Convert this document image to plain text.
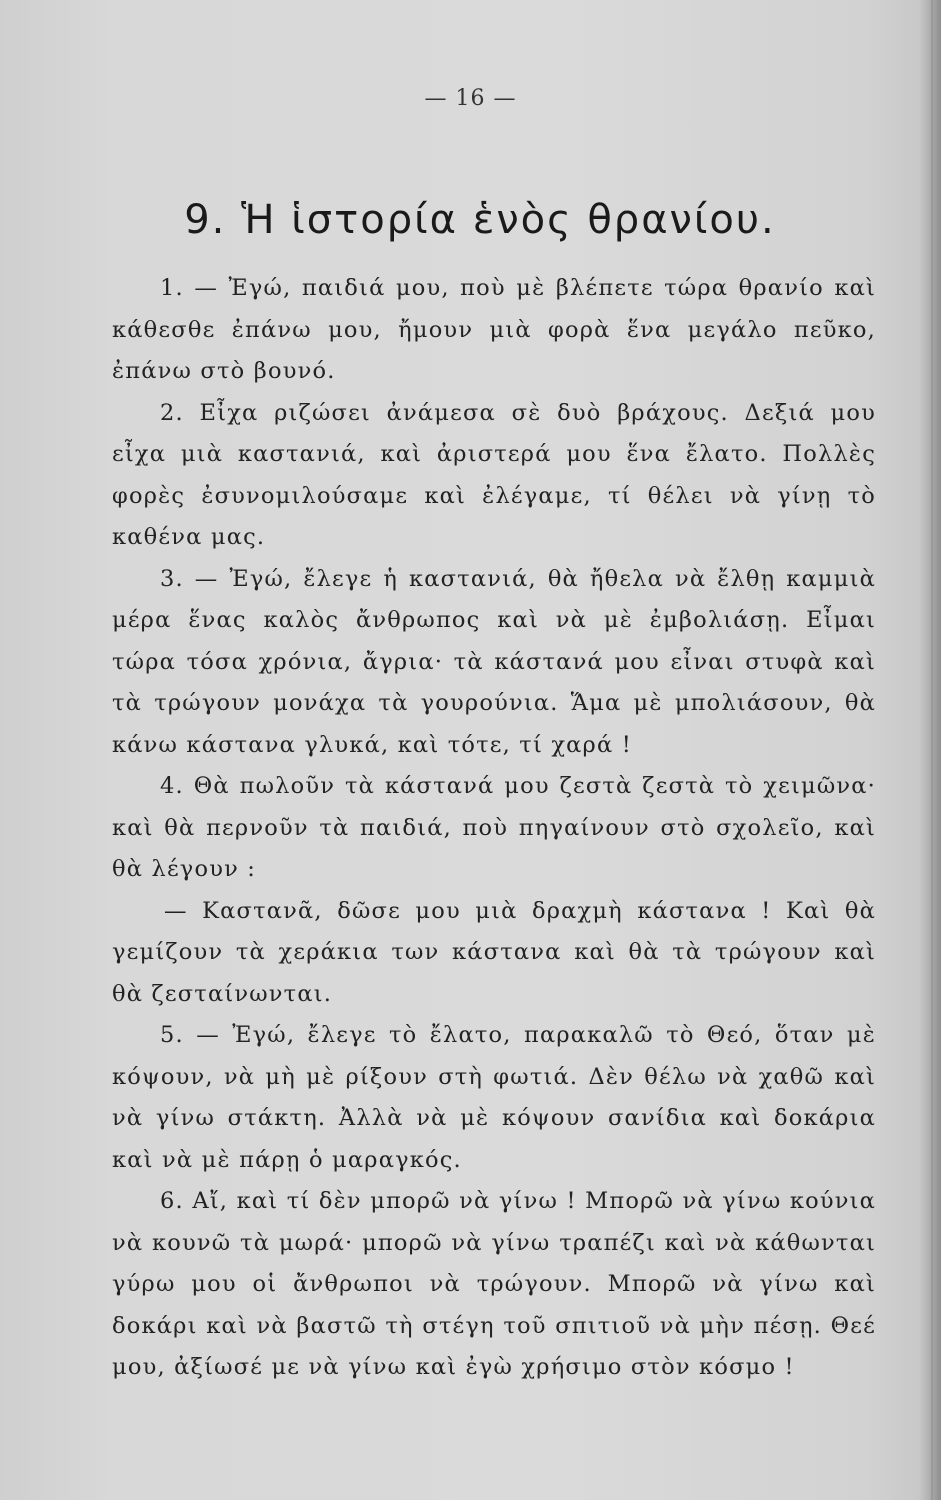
— 16 —
9. Ἡ ἱστορία ἑνὸς θρανίου.

1. — Ἐγώ, παιδιά μου, ποὺ μὲ βλέπετε τώρα θρανίο καὶ κάθεσθε ἐπάνω μου, ἤμουν μιὰ φορὰ ἕνα μεγάλο πεῦκο, ἐπάνω στὸ βουνό.

2. Εἶχα ριζώσει ἀνάμεσα σὲ δυὸ βράχους. Δεξιά μου εἶχα μιὰ καστανιά, καὶ ἀριστερά μου ἕνα ἔλατο. Πολλὲς φορὲς ἐσυνομιλούσαμε καὶ ἐλέγαμε, τί θέλει νὰ γίνῃ τὸ καθένα μας.

3. — Ἐγώ, ἔλεγε ἡ καστανιά, θὰ ἤθελα νὰ ἔλθῃ καμμιὰ μέρα ἕνας καλὸς ἄνθρωπος καὶ νὰ μὲ ἐμβολιάσῃ. Εἶμαι τώρα τόσα χρόνια, ἄγρια· τὰ κάστανά μου εἶναι στυφὰ καὶ τὰ τρώγουν μονάχα τὰ γουρούνια. Ἅμα μὲ μπολιάσουν, θὰ κάνω κάστανα γλυκά, καὶ τότε, τί χαρά !

4. Θὰ πωλοῦν τὰ κάστανά μου ζεστὰ ζεστὰ τὸ χειμῶνα· καὶ θὰ περνοῦν τὰ παιδιά, ποὺ πηγαίνουν στὸ σχολεῖο, καὶ θὰ λέγουν :

— Καστανᾶ, δῶσε μου μιὰ δραχμὴ κάστανα ! Καὶ θὰ γεμίζουν τὰ χεράκια των κάστανα καὶ θὰ τὰ τρώγουν καὶ θὰ ζεσταίνωνται.

5. — Ἐγώ, ἔλεγε τὸ ἔλατο, παρακαλῶ τὸ Θεό, ὅταν μὲ κόψουν, νὰ μὴ μὲ ρίξουν στὴ φωτιά. Δὲν θέλω νὰ χαθῶ καὶ νὰ γίνω στάκτη. Ἀλλὰ νὰ μὲ κόψουν σανίδια καὶ δοκάρια καὶ νὰ μὲ πάρῃ ὁ μαραγκός.

6. Αἴ, καὶ τί δὲν μπορῶ νὰ γίνω ! Μπορῶ νὰ γίνω κούνια νὰ κουνῶ τὰ μωρά· μπορῶ νὰ γίνω τραπέζι καὶ νὰ κάθωνται γύρω μου οἱ ἄνθρωποι νὰ τρώγουν. Μπορῶ νὰ γίνω καὶ δοκάρι καὶ νὰ βαστῶ τὴ στέγη τοῦ σπιτιοῦ νὰ μὴν πέσῃ. Θεέ μου, ἀξίωσέ με νὰ γίνω καὶ ἐγὼ χρήσιμο στὸν κόσμο !
